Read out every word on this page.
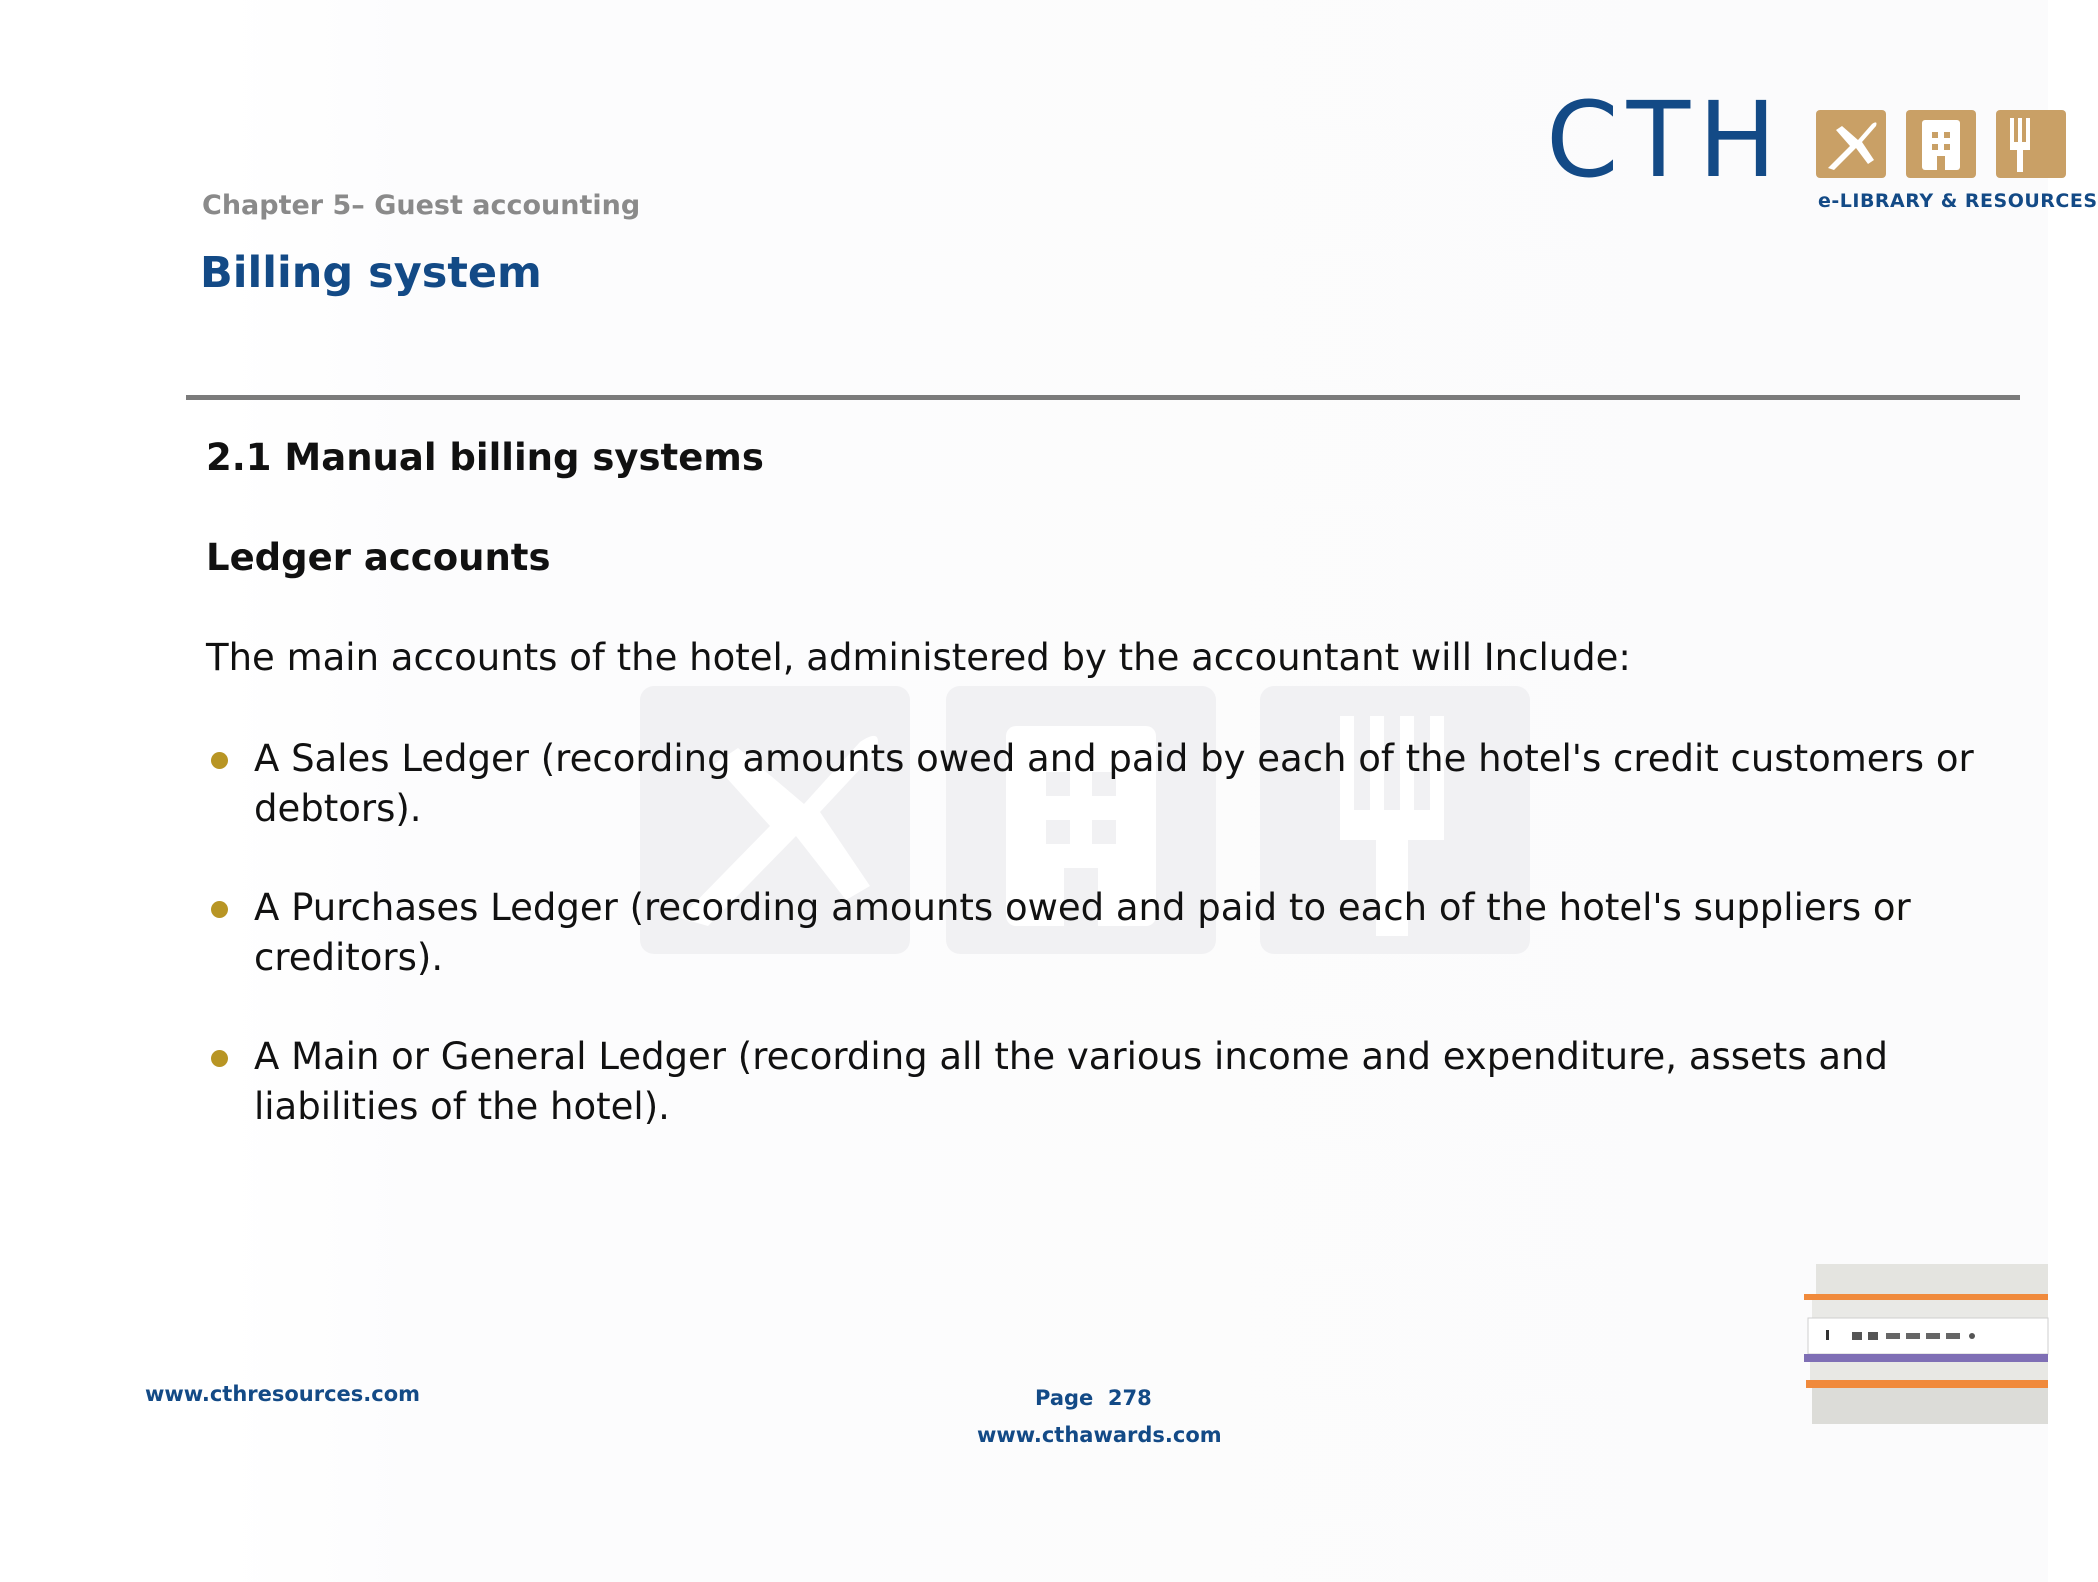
CTH e-LIBRARY & RESOURCES
Chapter 5– Guest accounting
Billing system
2.1 Manual billing systems
Ledger accounts
The main accounts of the hotel, administered by the accountant will Include:
A Sales Ledger (recording amounts owed and paid by each of the hotel's credit customers or debtors).
A Purchases Ledger (recording amounts owed and paid to each of the hotel's suppliers or creditors).
A Main or General Ledger (recording all the various income and expenditure, assets and liabilities of the hotel).
www.cthresources.com	Page  278
www.cthawards.com
